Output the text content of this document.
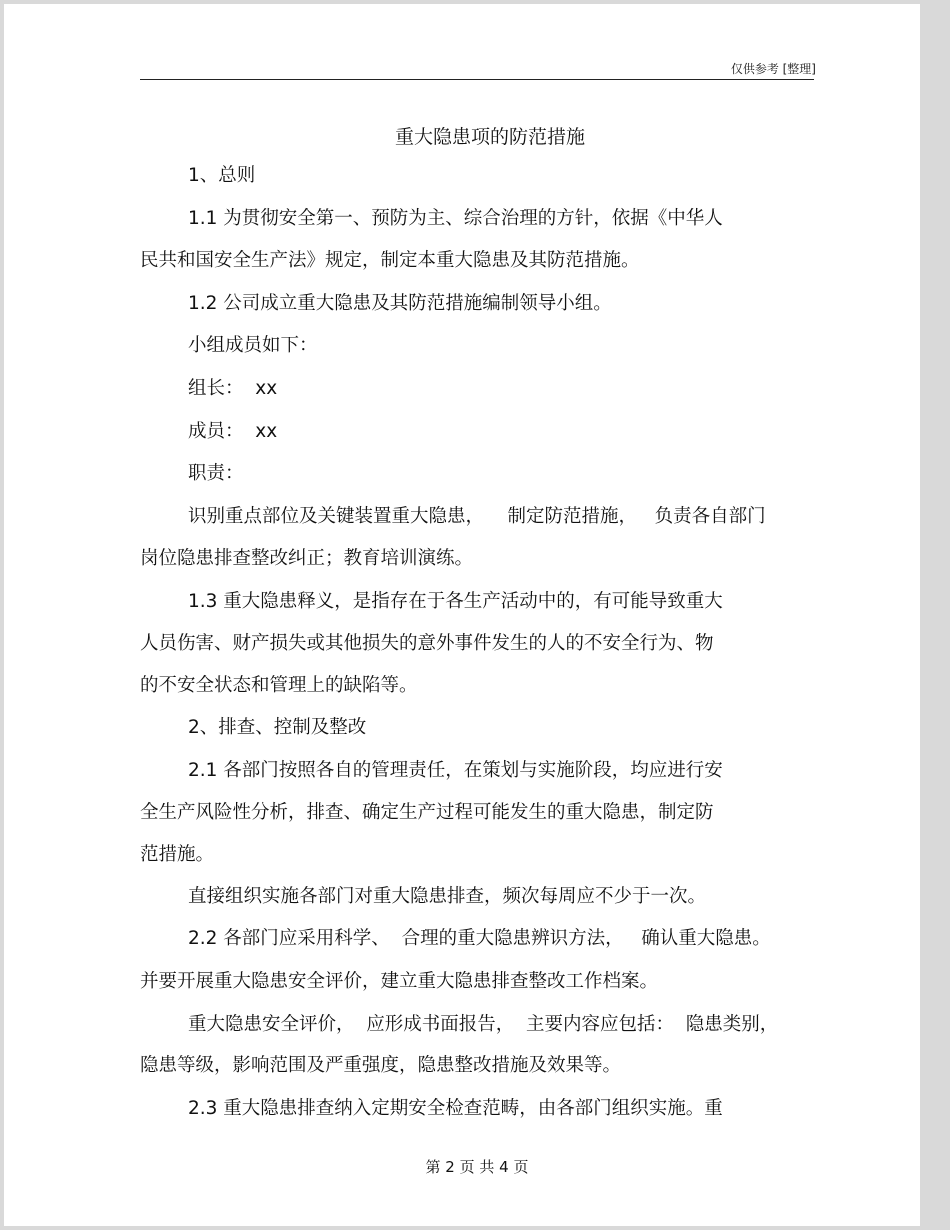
仅供参考 [整理]
重大隐患项的防范措施
1、总则
1.1 为贯彻安全第一、预防为主、综合治理的方针，依据《中华人
民共和国安全生产法》规定，制定本重大隐患及其防范措施。
1.2 公司成立重大隐患及其防范措施编制领导小组。
小组成员如下：
组长：  xx
成员：  xx
职责：
识别重点部位及关键装置重大隐患，    制定防范措施，   负责各自部门
岗位隐患排查整改纠正；教育培训演练。
1.3 重大隐患释义，是指存在于各生产活动中的，有可能导致重大
人员伤害、财产损失或其他损失的意外事件发生的人的不安全行为、物
的不安全状态和管理上的缺陷等。
2、排查、控制及整改
2.1 各部门按照各自的管理责任，在策划与实施阶段，均应进行安
全生产风险性分析，排查、确定生产过程可能发生的重大隐患，制定防
范措施。
直接组织实施各部门对重大隐患排查，频次每周应不少于一次。
2.2 各部门应采用科学、  合理的重大隐患辨识方法，   确认重大隐患。
并要开展重大隐患安全评价，建立重大隐患排查整改工作档案。
重大隐患安全评价，  应形成书面报告，  主要内容应包括：  隐患类别，
隐患等级，影响范围及严重强度，隐患整改措施及效果等。
2.3 重大隐患排查纳入定期安全检查范畴，由各部门组织实施。重
第 2 页 共 4 页
